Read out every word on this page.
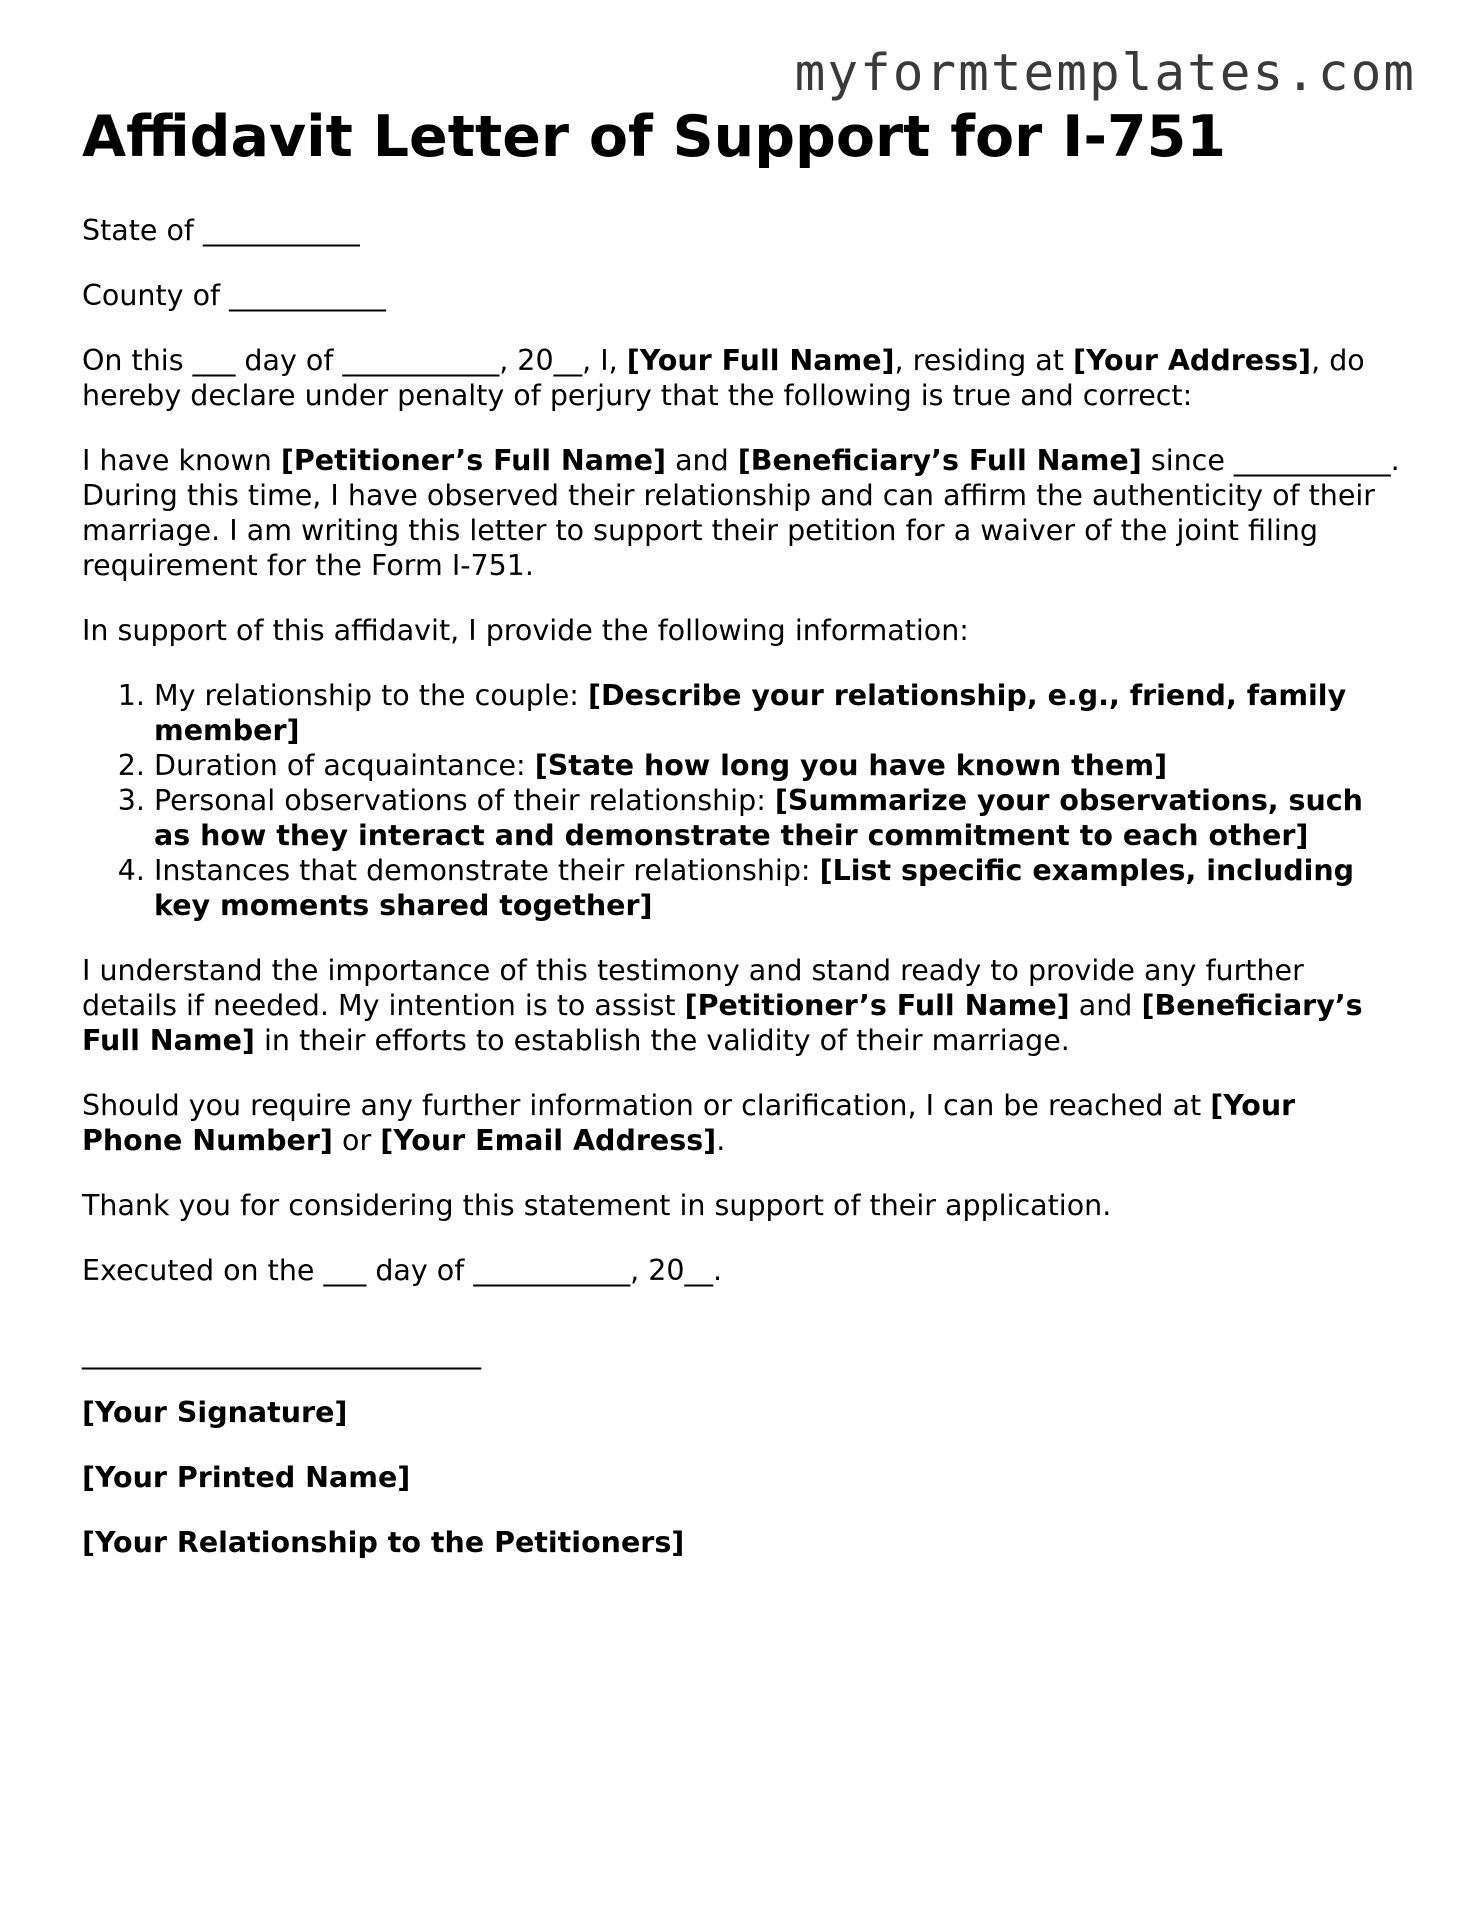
myformtemplates.com
Affidavit Letter of Support for I-751

State of ___________

County of ___________

On this ___ day of ___________, 20__, I, [Your Full Name], residing at [Your Address], do hereby declare under penalty of perjury that the following is true and correct:

I have known [Petitioner’s Full Name] and [Beneficiary’s Full Name] since ___________. During this time, I have observed their relationship and can affirm the authenticity of their marriage. I am writing this letter to support their petition for a waiver of the joint filing requirement for the Form I-751.

In support of this affidavit, I provide the following information:

1. My relationship to the couple: [Describe your relationship, e.g., friend, family member]
2. Duration of acquaintance: [State how long you have known them]
3. Personal observations of their relationship: [Summarize your observations, such as how they interact and demonstrate their commitment to each other]
4. Instances that demonstrate their relationship: [List specific examples, including key moments shared together]

I understand the importance of this testimony and stand ready to provide any further details if needed. My intention is to assist [Petitioner’s Full Name] and [Beneficiary’s Full Name] in their efforts to establish the validity of their marriage.

Should you require any further information or clarification, I can be reached at [Your Phone Number] or [Your Email Address].

Thank you for considering this statement in support of their application.

Executed on the ___ day of ___________, 20__.

____________________________

[Your Signature]

[Your Printed Name]

[Your Relationship to the Petitioners]
